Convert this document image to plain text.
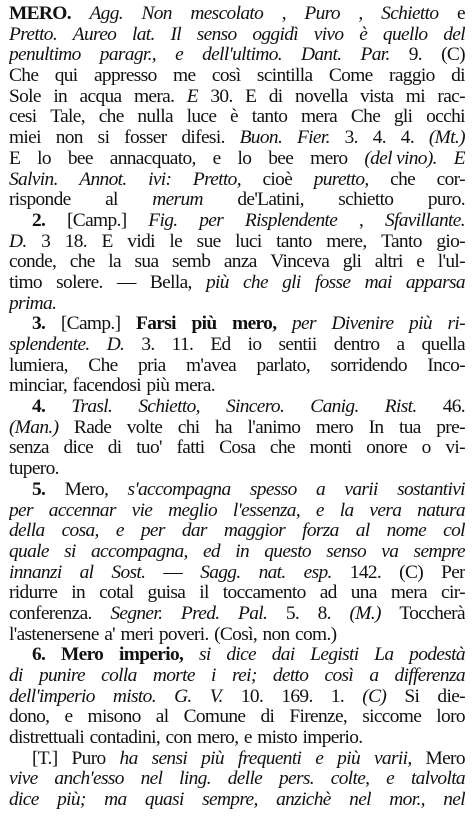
MERO. Agg. Non mescolato , Puro , Schietto e
Pretto. Aureo lat. Il senso oggidì vivo è quello del
penultimo paragr., e dell'ultimo. Dant. Par. 9. (C)
Che qui appresso me così scintilla Come raggio di
Sole in acqua mera. E 30. E di novella vista mi rac-
cesi Tale, che nulla luce è tanto mera Che gli occhi
miei non si fosser difesi. Buon. Fier. 3. 4. 4. (Mt.)
E lo bee annacquato, e lo bee mero (del vino). E
Salvin. Annot. ivi: Pretto, cioè puretto, che cor-
risponde al merum de'Latini, schietto puro.
2. [Camp.] Fig. per Risplendente , Sfavillante.
D. 3 18. E vidi le sue luci tanto mere, Tanto gio-
conde, che la sua semb anza Vinceva gli altri e l'ul-
timo solere. — Bella, più che gli fosse mai apparsa
prima.
3. [Camp.] Farsi più mero, per Divenire più ri-
splendente. D. 3. 11. Ed io sentii dentro a quella
lumiera, Che pria m'avea parlato, sorridendo Inco-
minciar, facendosi più mera.
4. Trasl. Schietto, Sincero. Canig. Rist. 46.
(Man.) Rade volte chi ha l'animo mero In tua pre-
senza dice di tuo' fatti Cosa che monti onore o vi-
tupero.
5. Mero, s'accompagna spesso a varii sostantivi
per accennar vie meglio l'essenza, e la vera natura
della cosa, e per dar maggior forza al nome col
quale si accompagna, ed in questo senso va sempre
innanzi al Sost. — Sagg. nat. esp. 142. (C) Per
ridurre in cotal guisa il toccamento ad una mera cir-
conferenza. Segner. Pred. Pal. 5. 8. (M.) Toccherà
l'astenersene a' meri poveri. (Così, non com.)
6. Mero imperio, si dice dai Legisti La podestà
di punire colla morte i rei; detto così a differenza
dell'imperio misto. G. V. 10. 169. 1. (C) Si die-
dono, e misono al Comune di Firenze, siccome loro
distrettuali contadini, con mero, e misto imperio.
[T.] Puro ha sensi più frequenti e più varii, Mero
vive anch'esso nel ling. delle pers. colte, e talvolta
dice più; ma quasi sempre, anzichè nel mor., nel
